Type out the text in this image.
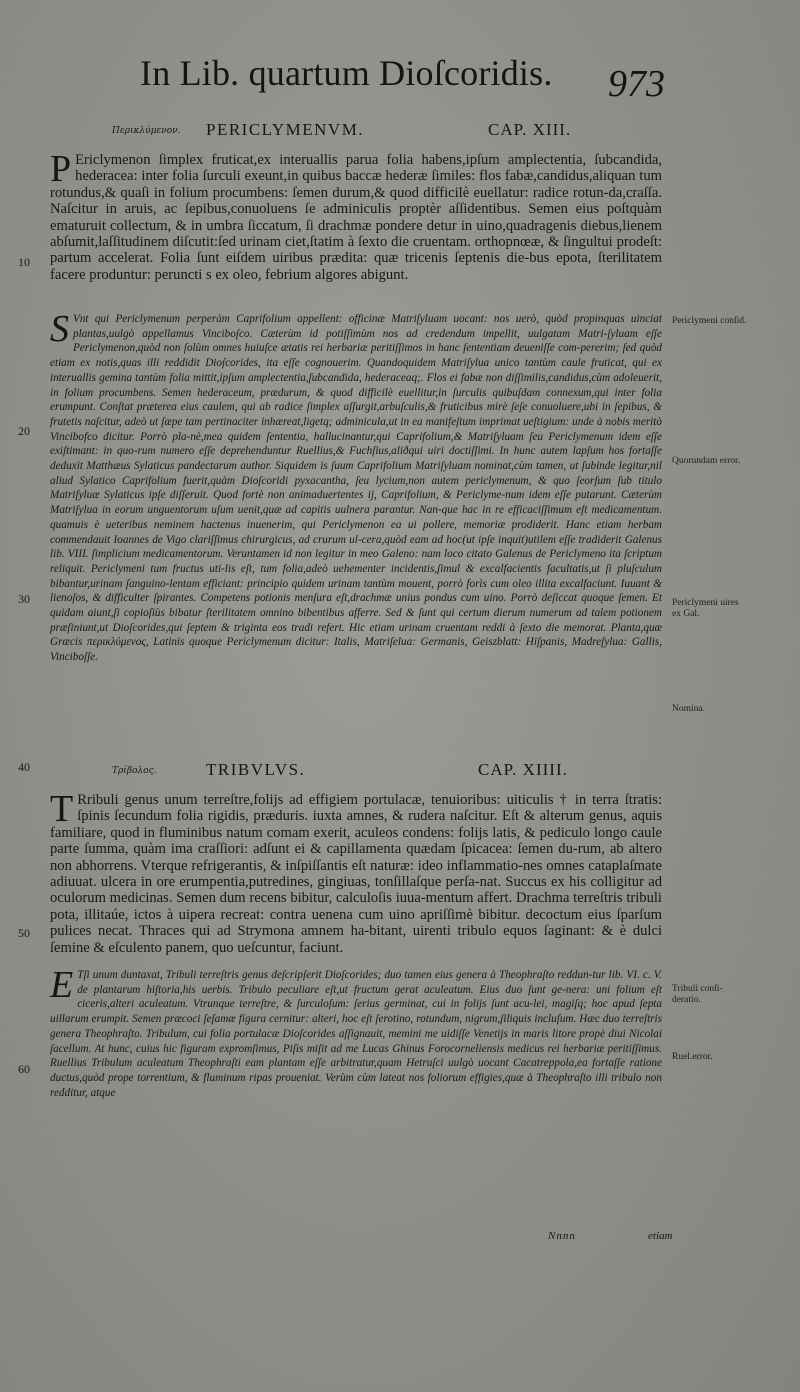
In Lib. quartum Dioſcoridis. 973
Περικλύμενον. PERICLYMENVM.	CAP. XIII.

P Ericlymenon ſimplex fruticat,ex interuallis parua folia habens,ipſum amplectentia, ſubcandida, hederacea: inter folia ſurculi exeunt,in quibus baccæ hederæ ſimiles: flos fabæ,candidus,aliquan tum rotundus,& quaſi in folium procumbens: ſemen durum,& quod difficilè euellatur: radice rotun-da,craſſa. Naſcitur in aruis, ac ſepibus,conuoluens ſe adminiculis proptèr aſſidentibus. Semen eius poſtquàm ematuruit collectum, & in umbra ſiccatum, ſi drachmæ pondere detur in uino,quadragenis diebus,lienem abſumit,laſſitudinem diſcutit:ſed urinam ciet,ſtatim à ſexto die cruentam. orthopnœæ, & ſingultui prodeſt: partum accelerat. Folia ſunt eiſdem uiribus prædita: quæ tricenis ſeptenis die-bus epota, ſterilitatem facere produntur: peruncti s ex oleo, febrium algores abigunt.

S Vnt qui Periclymenum perperàm Caprifolium appellent: officinæ Matriſyluam uocant: nos uerò, quòd propinquas uinciat plantas,uulgò appellamus Vinciboſco. Cæterùm id potiſſimùm nos ad credendum impellit, uulgatam Matri-ſyluam eſſe Periclymenon,quòd non ſolùm omnes huiuſce ætatis rei herbariæ peritiſſimos in hanc ſententiam deueniſſe com-pererim; ſed quòd etiam ex notis,quas illi reddidit Dioſcorides, ita eſſe cognouerim. Quandoquidem Matriſylua unico tantùm caule fruticat, qui ex interuallis gemina tantùm folia mittit,ipſum amplectentia,ſubcandida, hederaceaq;. Flos ei fabæ non diſſimilis,candidus,cùm adoleuerit, in folium procumbens. Semen hederaceum, prædurum, & quod difficilè euellitur,in ſurculis quibuſdam connexum,qui inter folia erumpunt. Conſtat præterea eius caulem, qui ab radice ſimplex aſſurgit,arbuſculis,& fruticibus mirè ſeſe conuoluere,ubi in ſepibus, & frutetis naſcitur, adeò ut ſæpe tam pertinaciter inhæreat,ligetq; adminicula,ut in ea manifeſtum imprimat ueſtigium: unde à nobis meritò Vincibofco dicitur. Porrò pla-nè,mea quidem ſententia, hallucinantur,qui Caprifolium,& Matriſyluam ſeu Periclymenum idem eſſe exiſtimant: in quo-rum numero eſſe deprehenduntur Ruellius,& Fuchſius,aliðqui uiri doctiſſimi. In hunc autem lapſum hos fortaſſe deduxit Matthæus Sylaticus pandectarum author. Siquidem is ſuum Caprifolium Matriſyluam nominat,cùm tamen, ut ſubinde legitur,nil aliud Sylatico Caprifolium fuerit,quàm Dioſcoridi pyxacantha, ſeu lycium,non autem periclymenum, & quo ſeorſum ſub titulo Matriſyluæ Sylaticus ipſe diſſeruit. Quod fortè non animaduertentes ij, Caprifolium, & Periclyme-num idem eſſe putarunt. Cæterùm Matriſylua in eorum unguentorum uſum uenit,quæ ad capitis uulnera parantur. Nan-que hac in re efficaciſſimum eſt medicamentum. quamuis è ueteribus neminem hactenus inuenerim, qui Periclymenon ea ui pollere, memoriæ prodiderit. Hanc etiam herbam commendauit Ioannes de Vigo clariſſimus chirurgicus, ad crurum ul-cera,quòd eam ad hoc(ut ipſe inquit)utilem eſſe tradiderit Galenus lib. VIII. ſimplicium medicamentorum. Veruntamen id non legitur in meo Galeno: nam loco citato Galenus de Periclymeno ita ſcriptum reliquit. Periclymeni tum fructus uti-lis eſt, tum folia,adeò uehementer incidentis,ſimul & excalfacientis facultatis,ut ſi pluſculum bibantur,urinam ſanguino-lentam efficiant: principio quidem urinam tantùm mouent, porrò forìs cum oleo illita excalfaciunt. Iuuant & lienoſos, & difficulter ſpirantes. Competens potionis menſura eſt,drachmæ unius pondus cum uino. Porrò deſiccat quoque ſemen. Et quidam aiunt,ſi copioſiùs bibatur ſterilitatem omnino bibentibus afferre. Sed & ſunt qui certum dierum numerum ad talem potionem præſiniunt,ut Dioſcorides,qui ſeptem & triginta eos tradi refert. Hic etiam urinam cruentam reddi à ſexto die memorat. Planta,quæ Græcis περικλύμενος, Latinis quoque Periclymenum dicitur: Italis, Matriſelua: Germanis, Geiszblatt: Hiſpanis, Madreſylua: Gallis, Vinciboſſe.

Τρίβολος.	TRIBVLVS.	CAP. XIIII.

T Rribuli genus unum terreſtre,folijs ad effigiem portulacæ, tenuioribus: uiticulis † in terra ſtratis: ſpinis ſecundum folia rigidis, præduris. iuxta amnes, & rudera naſcitur. Eſt & alterum genus, aquis familiare, quod in fluminibus natum comam exerit, aculeos condens: folijs latis, & pediculo longo caule parte ſumma, quàm ima craſſiori: adſunt ei & capillamenta quædam ſpicacea: ſemen du-rum, ab altero non abhorrens. Vterque refrigerantis, & inſpiſſantis eſt naturæ: ideo inflammatio-nes omnes cataplaſmate adiuuat. ulcera in ore erumpentia,putredines, gingiuas, tonſillaſque perſa-nat. Succus ex his colligitur ad oculorum medicinas. Semen dum recens bibitur, calculoſis iuua-mentum affert. Drachma terreſtris tribuli pota, illitaúe, ictos à uipera recreat: contra uenena cum uino apriſſimè bibitur. decoctum eius ſparſum pulices necat. Thraces qui ad Strymona amnem ha-bitant, uirenti tribulo equos ſaginant: & è dulci ſemine & eſculento panem, quo ueſcuntur, faciunt.

E Tſi unum duntaxat, Tribuli terreſtris genus deſcripſerit Dioſcorides; duo tamen eius genera à Theophraſto reddun-tur lib. VI. c. V. de plantarum hiſtoria,his uerbis. Tribulo peculiare eſt,ut fructum gerat aculeatum. Eius duo ſunt ge-nera: uni folium eſt ciceris,alteri aculeatum. Vtrunque terreſtre, & ſurculoſum: ſerius germinat, cui in folijs ſunt acu-lei, magiſq; hoc apud ſepta uillarum erumpit. Semen præcoci ſeſamæ figura cernitur: alteri, hoc eſt ſerotino, rotundum, nigrum,ſiliquis incluſum. Hæc duo terreſtris genera Theophraſto. Tribulum, cui folia portulacæ Dioſcorides aſſignauit, memini me uidiſſe Venetijs in maris litore propè diui Nicolai ſacellum. At hunc, cuius hic figuram expromſimus, Piſis miſit ad me Lucas Ghinus Forocorneliensis medicus rei herbariæ peritiſſimus. Ruellius Tribulum aculeatum Theophraſti eam plantam eſſe arbitratur,quam Hetruſci uulgò uocant Cacatreppola,ea fortaſſe ratione ductus,quòd prope torrentium, & fluminum ripas proueniat. Verùm cùm lateat nos foliorum effigies,quæ à Theophraſto illi tribulo non redditur, atque

Periclymeni conſid.
Quorundam error.
Periclymeni uires ex Gal.
Nomina.
Tribuli conſi-deratio.
Ruel.error.
10
20
30
40
50
60
Nnnn	etiam
